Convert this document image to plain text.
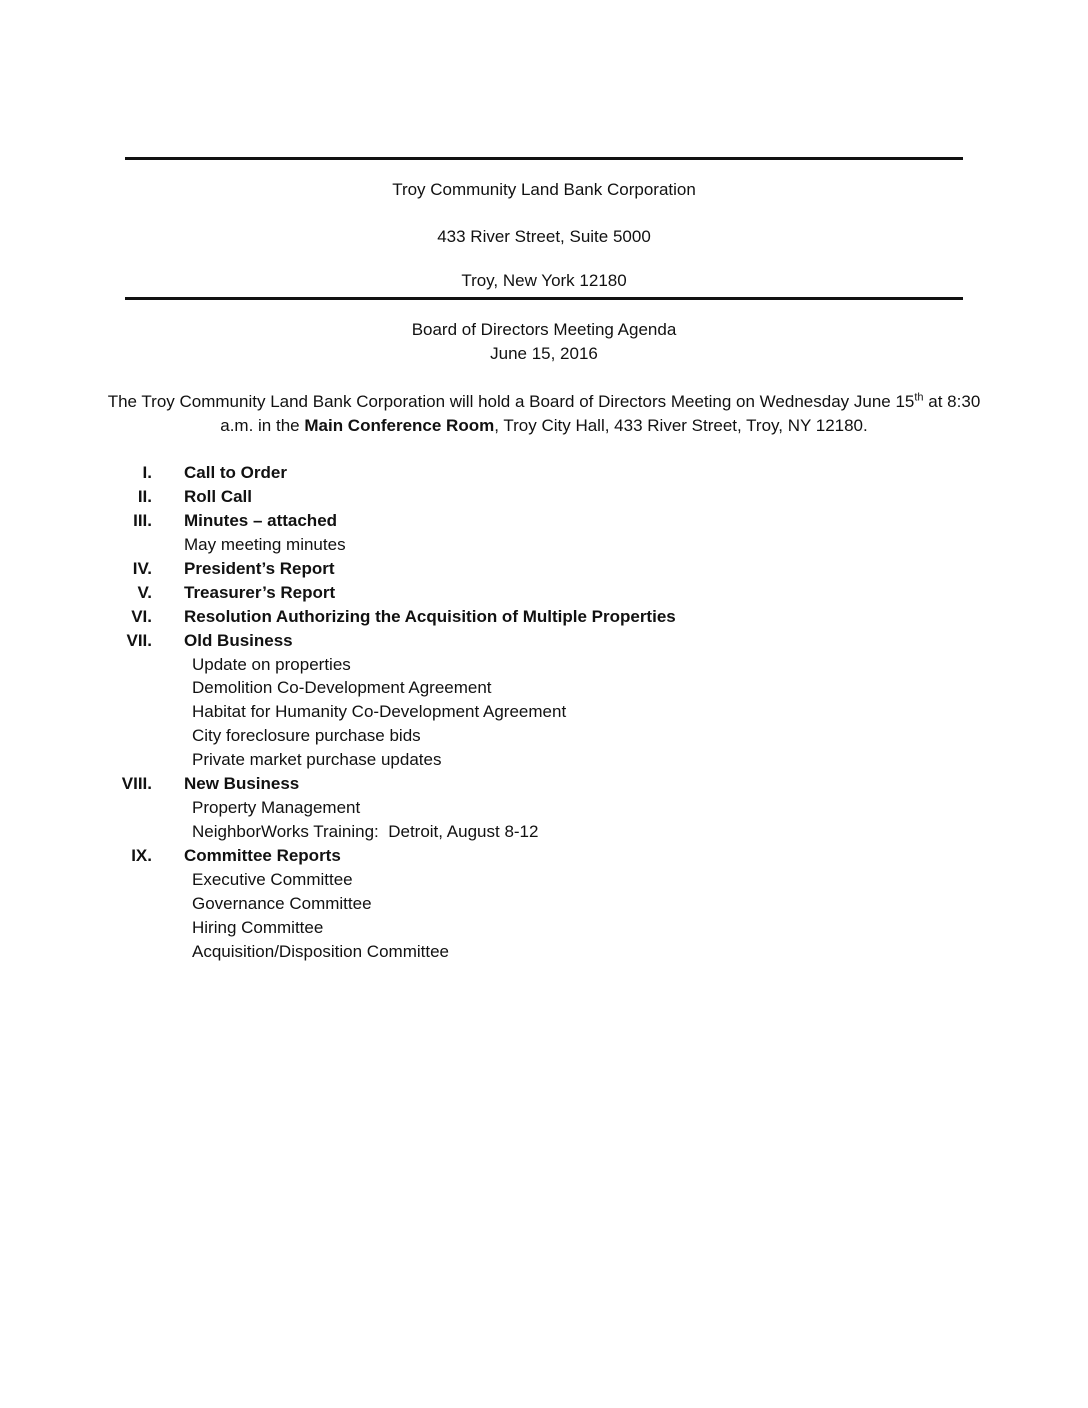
Troy Community Land Bank Corporation
433 River Street, Suite 5000
Troy, New York 12180
Board of Directors Meeting Agenda
June 15, 2016
The Troy Community Land Bank Corporation will hold a Board of Directors Meeting on Wednesday June 15th at 8:30 a.m. in the Main Conference Room, Troy City Hall, 433 River Street, Troy, NY 12180.
I. Call to Order
II. Roll Call
III. Minutes – attached
May meeting minutes
IV. President’s Report
V. Treasurer’s Report
VI. Resolution Authorizing the Acquisition of Multiple Properties
VII. Old Business
Update on properties
Demolition Co-Development Agreement
Habitat for Humanity Co-Development Agreement
City foreclosure purchase bids
Private market purchase updates
VIII. New Business
Property Management
NeighborWorks Training:  Detroit, August 8-12
IX. Committee Reports
Executive Committee
Governance Committee
Hiring Committee
Acquisition/Disposition Committee
